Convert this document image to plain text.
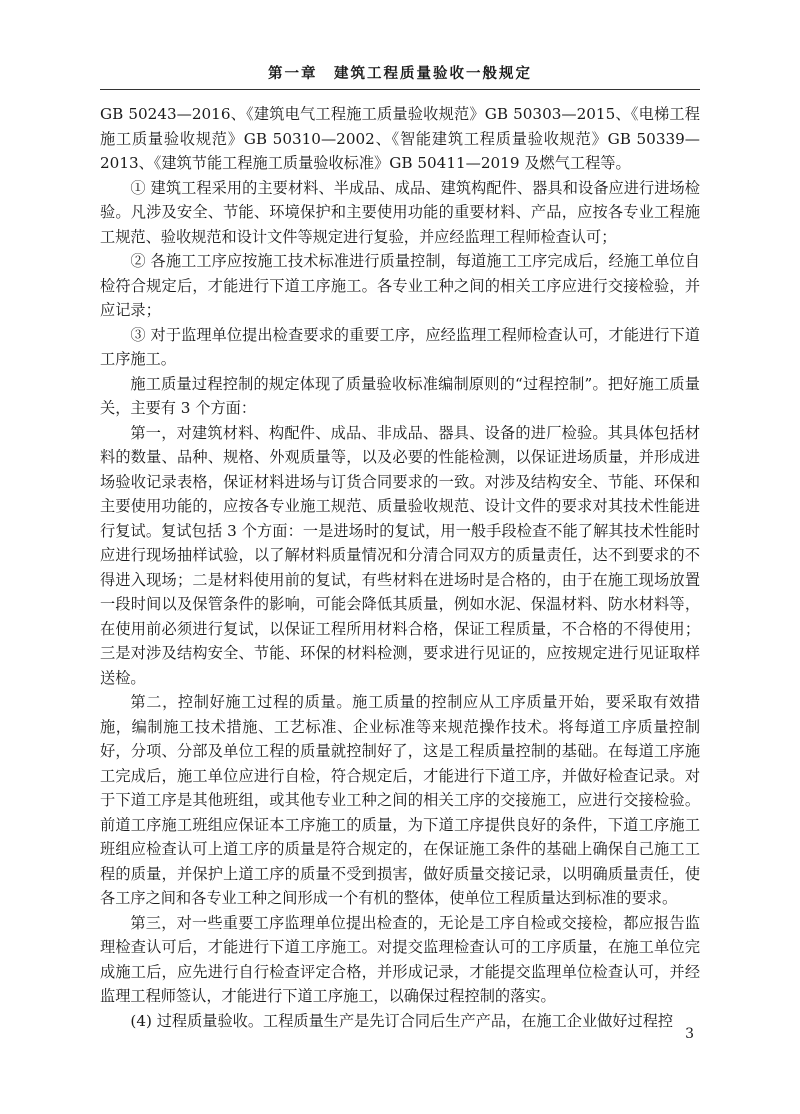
第一章　建筑工程质量验收一般规定

GB 50243—2016、《建筑电气工程施工质量验收规范》GB 50303—2015、《电梯工程施工质量验收规范》GB 50310—2002、《智能建筑工程质量验收规范》GB 50339—2013、《建筑节能工程施工质量验收标准》GB 50411—2019 及燃气工程等。

① 建筑工程采用的主要材料、半成品、成品、建筑构配件、器具和设备应进行进场检验。凡涉及安全、节能、环境保护和主要使用功能的重要材料、产品，应按各专业工程施工规范、验收规范和设计文件等规定进行复验，并应经监理工程师检查认可；

② 各施工工序应按施工技术标准进行质量控制，每道施工工序完成后，经施工单位自检符合规定后，才能进行下道工序施工。各专业工种之间的相关工序应进行交接检验，并应记录；

③ 对于监理单位提出检查要求的重要工序，应经监理工程师检查认可，才能进行下道工序施工。

施工质量过程控制的规定体现了质量验收标准编制原则的“过程控制”。把好施工质量关，主要有 3 个方面：

第一，对建筑材料、构配件、成品、非成品、器具、设备的进厂检验。其具体包括材料的数量、品种、规格、外观质量等，以及必要的性能检测，以保证进场质量，并形成进场验收记录表格，保证材料进场与订货合同要求的一致。对涉及结构安全、节能、环保和主要使用功能的，应按各专业施工规范、质量验收规范、设计文件的要求对其技术性能进行复试。复试包括 3 个方面：一是进场时的复试，用一般手段检查不能了解其技术性能时应进行现场抽样试验，以了解材料质量情况和分清合同双方的质量责任，达不到要求的不得进入现场；二是材料使用前的复试，有些材料在进场时是合格的，由于在施工现场放置一段时间以及保管条件的影响，可能会降低其质量，例如水泥、保温材料、防水材料等，在使用前必须进行复试，以保证工程所用材料合格，保证工程质量，不合格的不得使用；三是对涉及结构安全、节能、环保的材料检测，要求进行见证的，应按规定进行见证取样送检。

第二，控制好施工过程的质量。施工质量的控制应从工序质量开始，要采取有效措施，编制施工技术措施、工艺标准、企业标准等来规范操作技术。将每道工序质量控制好，分项、分部及单位工程的质量就控制好了，这是工程质量控制的基础。在每道工序施工完成后，施工单位应进行自检，符合规定后，才能进行下道工序，并做好检查记录。对于下道工序是其他班组，或其他专业工种之间的相关工序的交接施工，应进行交接检验。前道工序施工班组应保证本工序施工的质量，为下道工序提供良好的条件，下道工序施工班组应检查认可上道工序的质量是符合规定的，在保证施工条件的基础上确保自己施工工程的质量，并保护上道工序的质量不受到损害，做好质量交接记录，以明确质量责任，使各工序之间和各专业工种之间形成一个有机的整体，使单位工程质量达到标准的要求。

第三，对一些重要工序监理单位提出检查的，无论是工序自检或交接检，都应报告监理检查认可后，才能进行下道工序施工。对提交监理检查认可的工序质量，在施工单位完成施工后，应先进行自行检查评定合格，并形成记录，才能提交监理单位检查认可，并经监理工程师签认，才能进行下道工序施工，以确保过程控制的落实。

(4) 过程质量验收。工程质量生产是先订合同后生产产品，在施工企业做好过程控

3
